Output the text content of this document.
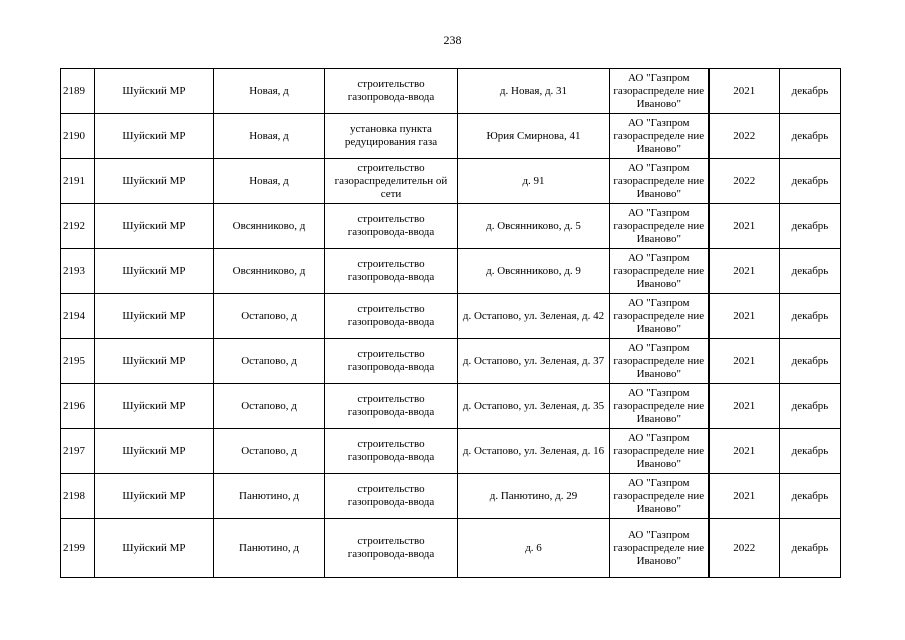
238
2189	Шуйский МР	Новая, д	строительство газопровода-ввода	д. Новая, д. 31	АО "Газпром газораспределе ние Иваново"	2021	декабрь
2190	Шуйский МР	Новая, д	установка пункта редуцирования газа	Юрия Смирнова, 41	АО "Газпром газораспределе ние Иваново"	2022	декабрь
2191	Шуйский МР	Новая, д	строительство газораспределительн ой сети	д. 91	АО "Газпром газораспределе ние Иваново"	2022	декабрь
2192	Шуйский МР	Овсянниково, д	строительство газопровода-ввода	д. Овсянниково, д. 5	АО "Газпром газораспределе ние Иваново"	2021	декабрь
2193	Шуйский МР	Овсянниково, д	строительство газопровода-ввода	д. Овсянниково, д. 9	АО "Газпром газораспределе ние Иваново"	2021	декабрь
2194	Шуйский МР	Остапово, д	строительство газопровода-ввода	д. Остапово, ул. Зеленая, д. 42	АО "Газпром газораспределе ние Иваново"	2021	декабрь
2195	Шуйский МР	Остапово, д	строительство газопровода-ввода	д. Остапово, ул. Зеленая, д. 37	АО "Газпром газораспределе ние Иваново"	2021	декабрь
2196	Шуйский МР	Остапово, д	строительство газопровода-ввода	д. Остапово, ул. Зеленая, д. 35	АО "Газпром газораспределе ние Иваново"	2021	декабрь
2197	Шуйский МР	Остапово, д	строительство газопровода-ввода	д. Остапово, ул. Зеленая, д. 16	АО "Газпром газораспределе ние Иваново"	2021	декабрь
2198	Шуйский МР	Панютино, д	строительство газопровода-ввода	д. Панютино, д. 29	АО "Газпром газораспределе ние Иваново"	2021	декабрь
2199	Шуйский МР	Панютино, д	строительство газопровода-ввода	д. 6	АО "Газпром газораспределе ние Иваново"	2022	декабрь
